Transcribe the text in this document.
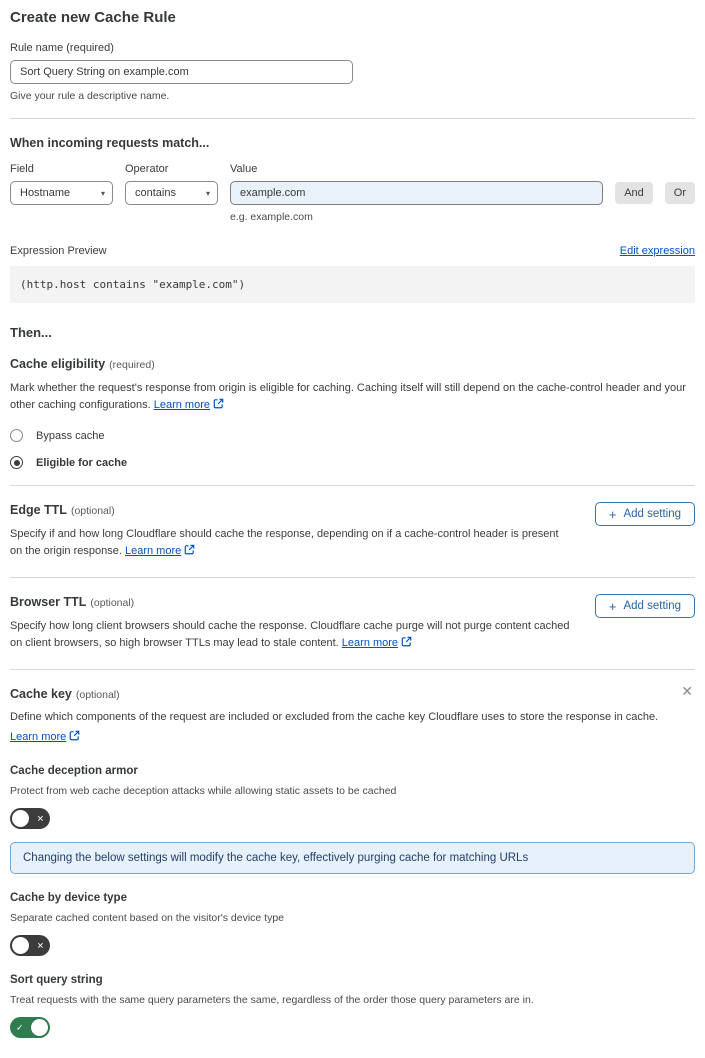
Create new Cache Rule
Rule name (required)
Sort Query String on example.com
Give your rule a descriptive name.
When incoming requests match...
Field
Hostname	▾
Operator
contains	▾
Value
example.com
And	Or
e.g. example.com
Expression Preview	Edit expression
(http.host contains "example.com")
Then...
Cache eligibility (required)

Mark whether the request's response from origin is eligible for caching. Caching itself will still depend on the cache-control header and your other caching configurations. Learn more

Bypass cache
Eligible for cache
Edge TTL (optional)

Specify if and how long Cloudflare should cache the response, depending on if a cache-control header is present on the origin response. Learn more

+ Add setting
Browser TTL (optional)

Specify how long client browsers should cache the response. Cloudflare cache purge will not purge content cached on client browsers, so high browser TTLs may lead to stale content. Learn more

+ Add setting
Cache key (optional)	✕

Define which components of the request are included or excluded from the cache key Cloudflare uses to store the response in cache.

Learn more

Cache deception armor
Protect from web cache deception attacks while allowing static assets to be cached
✕
Changing the below settings will modify the cache key, effectively purging cache for matching URLs
Cache by device type
Separate cached content based on the visitor's device type
✕
Sort query string
Treat requests with the same query parameters the same, regardless of the order those query parameters are in.
✓
